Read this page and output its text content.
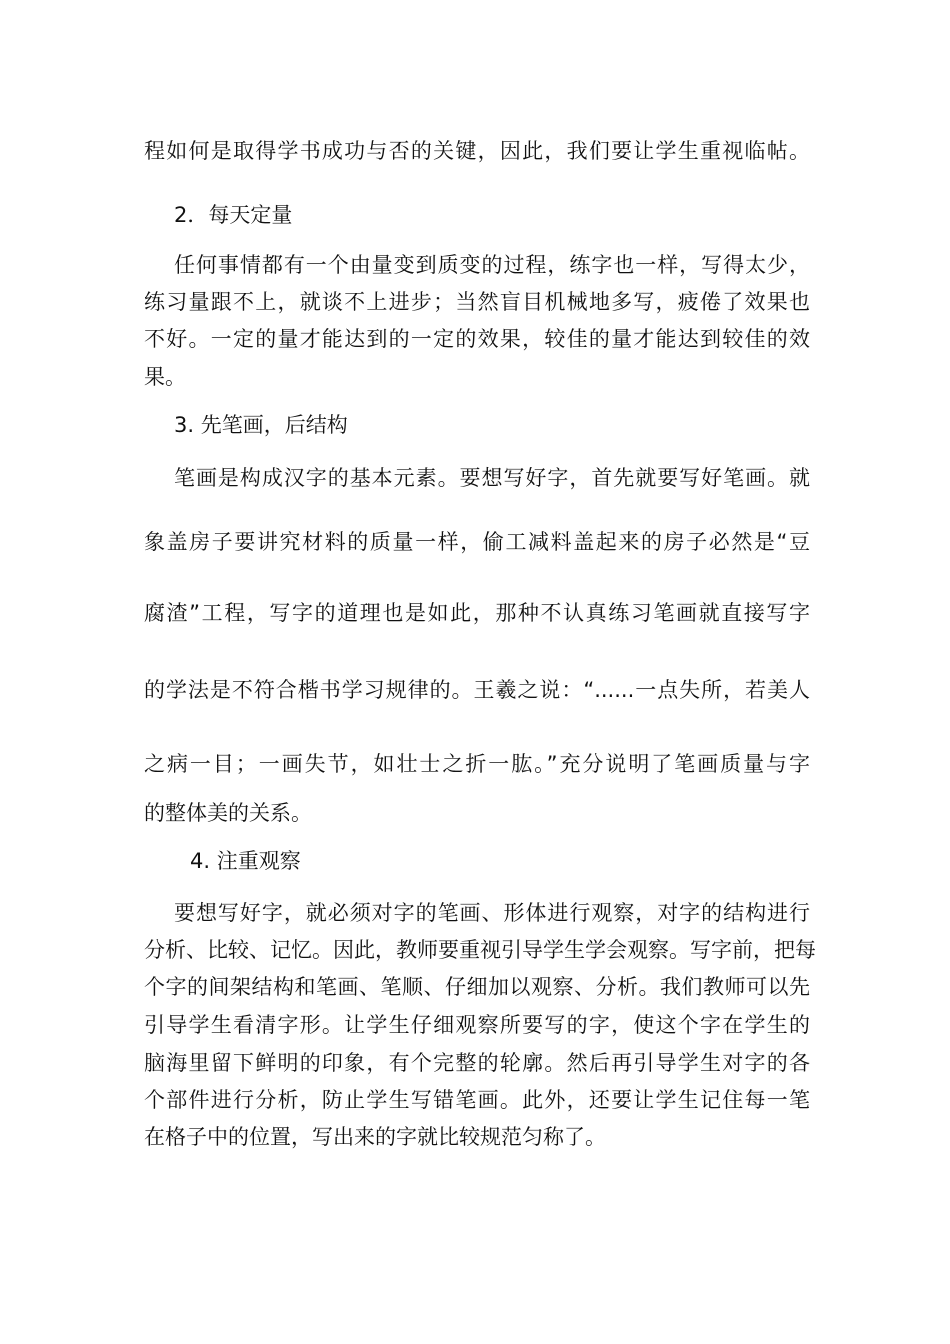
程如何是取得学书成功与否的关键，因此，我们要让学生重视临帖。

2．每天定量

任何事情都有一个由量变到质变的过程，练字也一样，写得太少，

练习量跟不上，就谈不上进步；当然盲目机械地多写，疲倦了效果也

不好。一定的量才能达到的一定的效果，较佳的量才能达到较佳的效

果。

3. 先笔画，后结构

笔画是构成汉字的基本元素。要想写好字，首先就要写好笔画。就

象盖房子要讲究材料的质量一样，偷工减料盖起来的房子必然是“豆

腐渣”工程，写字的道理也是如此，那种不认真练习笔画就直接写字

的学法是不符合楷书学习规律的。王羲之说：“......一点失所，若美人

之病一目；一画失节，如壮士之折一肱。”充分说明了笔画质量与字

的整体美的关系。

4. 注重观察

要想写好字，就必须对字的笔画、形体进行观察，对字的结构进行

分析、比较、记忆。因此，教师要重视引导学生学会观察。写字前，把每

个字的间架结构和笔画、笔顺、仔细加以观察、分析。我们教师可以先

引导学生看清字形。让学生仔细观察所要写的字，使这个字在学生的

脑海里留下鲜明的印象，有个完整的轮廓。然后再引导学生对字的各

个部件进行分析，防止学生写错笔画。此外，还要让学生记住每一笔

在格子中的位置，写出来的字就比较规范匀称了。
